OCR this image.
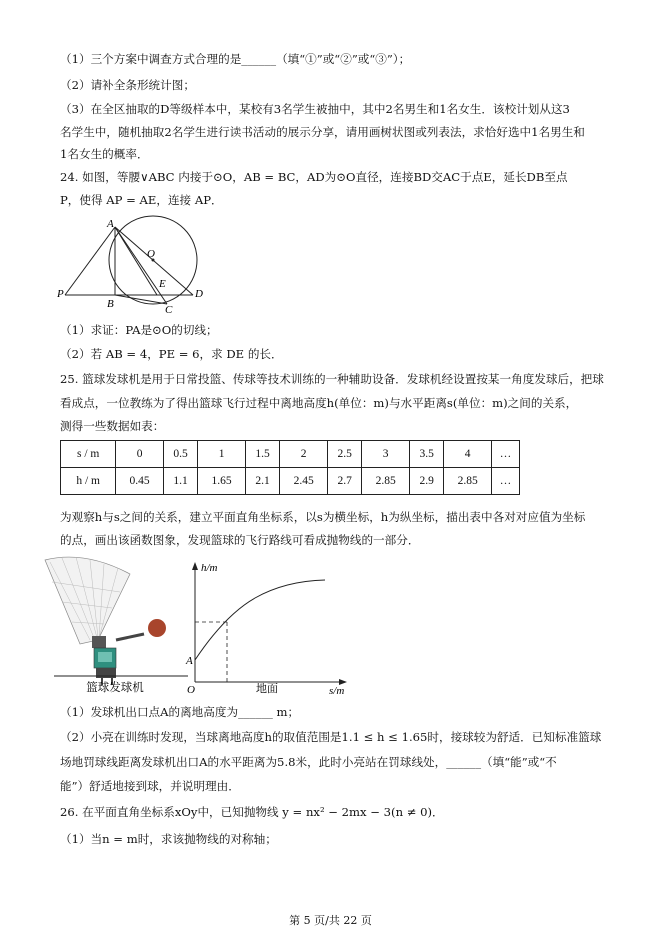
（1）三个方案中调查方式合理的是______（填“①”或“②”或“③”）；
（2）请补全条形统计图；
（3）在全区抽取的D等级样本中，某校有3名学生被抽中，其中2名男生和1名女生．该校计划从这3
名学生中，随机抽取2名学生进行读书活动的展示分享，请用画树状图或列表法，求恰好选中1名男生和
1名女生的概率．
24. 如图，等腰∨ABC 内接于⊙O，AB = BC，AD为⊙O直径，连接BD交AC于点E，延长DB至点
P，使得 AP = AE，连接 AP．
A
O
E
P
B
D
C
（1）求证：PA是⊙O的切线；
（2）若 AB = 4，PE = 6，求 DE 的长．
25. 篮球发球机是用于日常投篮、传球等技术训练的一种辅助设备．发球机经设置按某一角度发球后，把球
看成点，一位教练为了得出篮球飞行过程中离地高度h(单位：m)与水平距离s(单位：m)之间的关系，
测得一些数据如表：
s / m	0	0.5	1	1.5	2	2.5	3	3.5	4	…
h / m	0.45	1.1	1.65	2.1	2.45	2.7	2.85	2.9	2.85	…
为观察h与s之间的关系，建立平面直角坐标系，以s为横坐标，h为纵坐标，描出表中各对对应值为坐标
的点，画出该函数图象，发现篮球的飞行路线可看成抛物线的一部分．
篮球发球机
h/m
s/m
O
A
地面
（1）发球机出口点A的离地高度为______ m；
（2）小亮在训练时发现，当球离地高度h的取值范围是1.1 ≤ h ≤ 1.65时，接球较为舒适．已知标准篮球
场地罚球线距离发球机出口A的水平距离为5.8米，此时小亮站在罚球线处，______（填“能”或“不
能”）舒适地接到球，并说明理由．
26. 在平面直角坐标系xOy中，已知抛物线 y = nx² − 2mx − 3(n ≠ 0)．
（1）当n = m时，求该抛物线的对称轴；
第 5 页/共 22 页
